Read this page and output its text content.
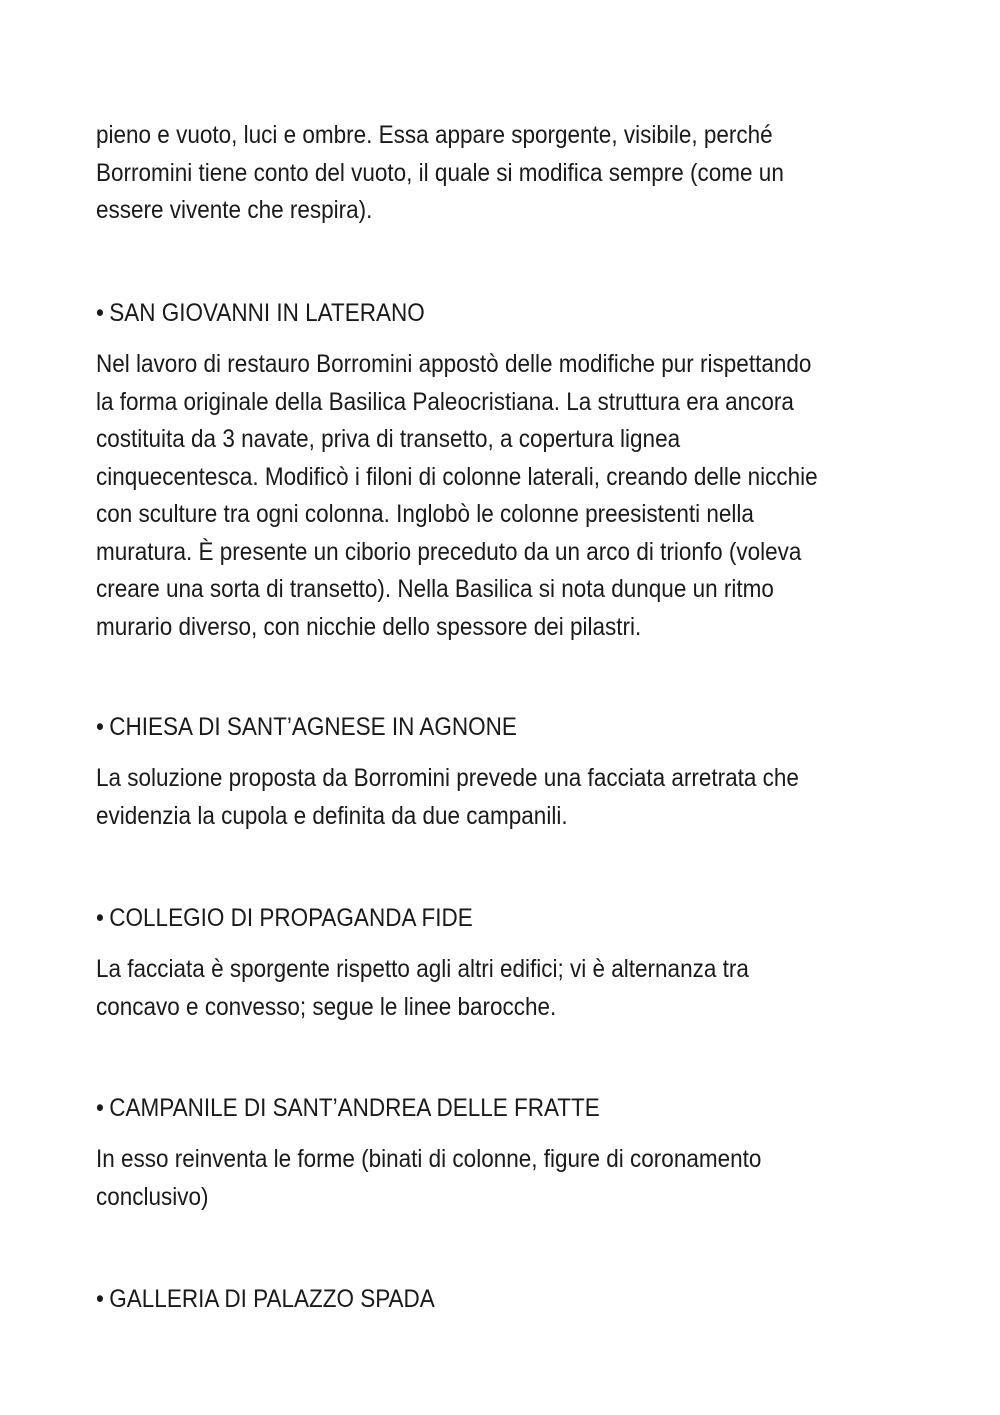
pieno e vuoto, luci e ombre. Essa appare sporgente, visibile, perché
Borromini tiene conto del vuoto, il quale si modifica sempre (come un
essere vivente che respira).

• SAN GIOVANNI IN LATERANO

Nel lavoro di restauro Borromini appostò delle modifiche pur rispettando
la forma originale della Basilica Paleocristiana. La struttura era ancora
costituita da 3 navate, priva di transetto, a copertura lignea
cinquecentesca. Modificò i filoni di colonne laterali, creando delle nicchie
con sculture tra ogni colonna. Inglobò le colonne preesistenti nella
muratura. È presente un ciborio preceduto da un arco di trionfo (voleva
creare una sorta di transetto). Nella Basilica si nota dunque un ritmo
murario diverso, con nicchie dello spessore dei pilastri.

• CHIESA DI SANT’AGNESE IN AGNONE

La soluzione proposta da Borromini prevede una facciata arretrata che
evidenzia la cupola e definita da due campanili.

• COLLEGIO DI PROPAGANDA FIDE

La facciata è sporgente rispetto agli altri edifici; vi è alternanza tra
concavo e convesso; segue le linee barocche.

• CAMPANILE DI SANT’ANDREA DELLE FRATTE

In esso reinventa le forme (binati di colonne, figure di coronamento
conclusivo)

• GALLERIA DI PALAZZO SPADA
